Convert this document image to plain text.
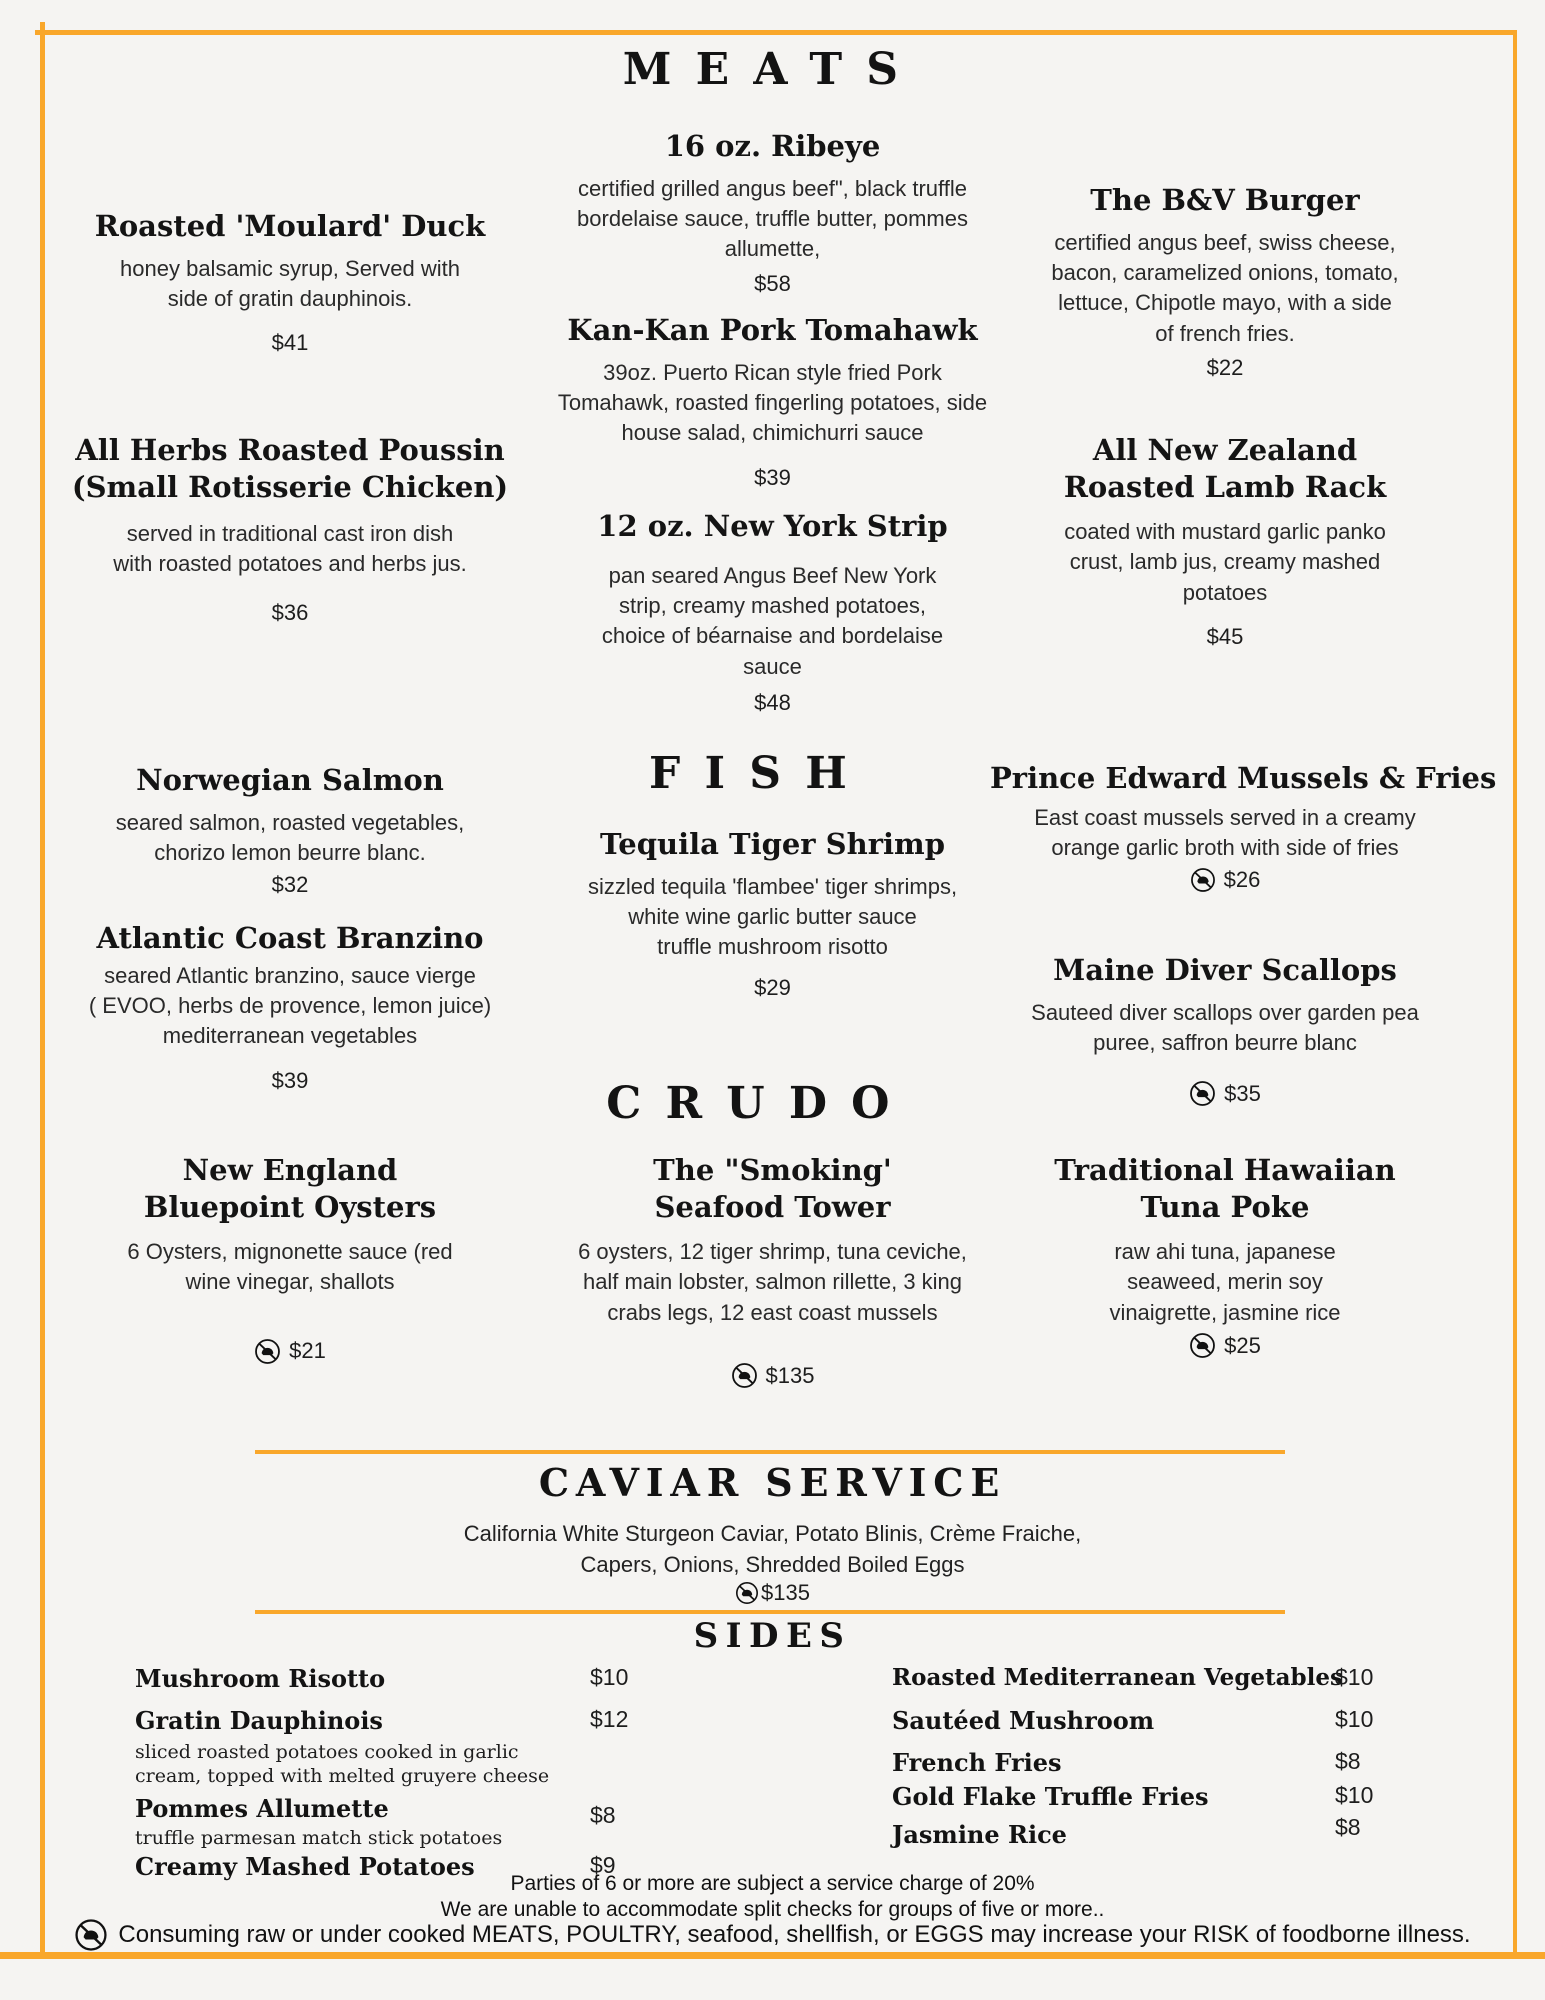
MEATS
Roasted 'Moulard' Duck
honey balsamic syrup, Served with
side of gratin dauphinois.
$41
All Herbs Roasted Poussin
(Small Rotisserie Chicken)
served in traditional cast iron dish
with roasted potatoes and herbs jus.
$36
Norwegian Salmon
seared salmon, roasted vegetables,
chorizo lemon beurre blanc.
$32
Atlantic Coast Branzino
seared Atlantic branzino, sauce vierge
( EVOO, herbs de provence, lemon juice)
mediterranean vegetables
$39
New England
Bluepoint Oysters
6 Oysters, mignonette sauce (red
wine vinegar, shallots
$21
16 oz. Ribeye
certified grilled angus beef", black truffle
bordelaise sauce, truffle butter, pommes
allumette,
$58
Kan-Kan Pork Tomahawk
39oz. Puerto Rican style fried Pork
Tomahawk, roasted fingerling potatoes, side
house salad, chimichurri sauce
$39
12 oz. New York Strip
pan seared Angus Beef New York
strip, creamy mashed potatoes,
choice of béarnaise and bordelaise
sauce
$48
FISH
Tequila Tiger Shrimp
sizzled tequila 'flambee' tiger shrimps,
white wine garlic butter sauce
truffle mushroom risotto
$29
CRUDO
The "Smoking'
Seafood Tower
6 oysters, 12 tiger shrimp, tuna ceviche,
half main lobster, salmon rillette, 3 king
crabs legs, 12 east coast mussels
$135
The B&V Burger
certified angus beef, swiss cheese,
bacon, caramelized onions, tomato,
lettuce, Chipotle mayo, with a side
of french fries.
$22
All New Zealand
Roasted Lamb Rack
coated with mustard garlic panko
crust, lamb jus, creamy mashed
potatoes
$45
Prince Edward Mussels & Fries
East coast mussels served in a creamy
orange garlic broth with side of fries
$26
Maine Diver Scallops
Sauteed diver scallops over garden pea
puree, saffron beurre blanc
$35
Traditional Hawaiian
Tuna Poke
raw ahi tuna, japanese
seaweed, merin soy
vinaigrette, jasmine rice
$25
CAVIAR SERVICE
California White Sturgeon Caviar, Potato Blinis, Crème Fraiche,
Capers, Onions, Shredded Boiled Eggs
$135
SIDES
Mushroom Risotto	$10
Gratin Dauphinois	$12
sliced roasted potatoes cooked in garlic
cream, topped with melted gruyere cheese
Pommes Allumette	$8
truffle parmesan match stick potatoes
Creamy Mashed Potatoes	$9
Roasted Mediterranean Vegetables
$10
Sautéed Mushroom	$10
French Fries	$8
Gold Flake Truffle Fries	$10
Jasmine Rice	$8
Parties of 6 or more are subject a service charge of 20%
We are unable to accommodate split checks for groups of five or more..
Consuming raw or under cooked MEATS, POULTRY, seafood, shellfish, or EGGS may increase your RISK of foodborne illness.
